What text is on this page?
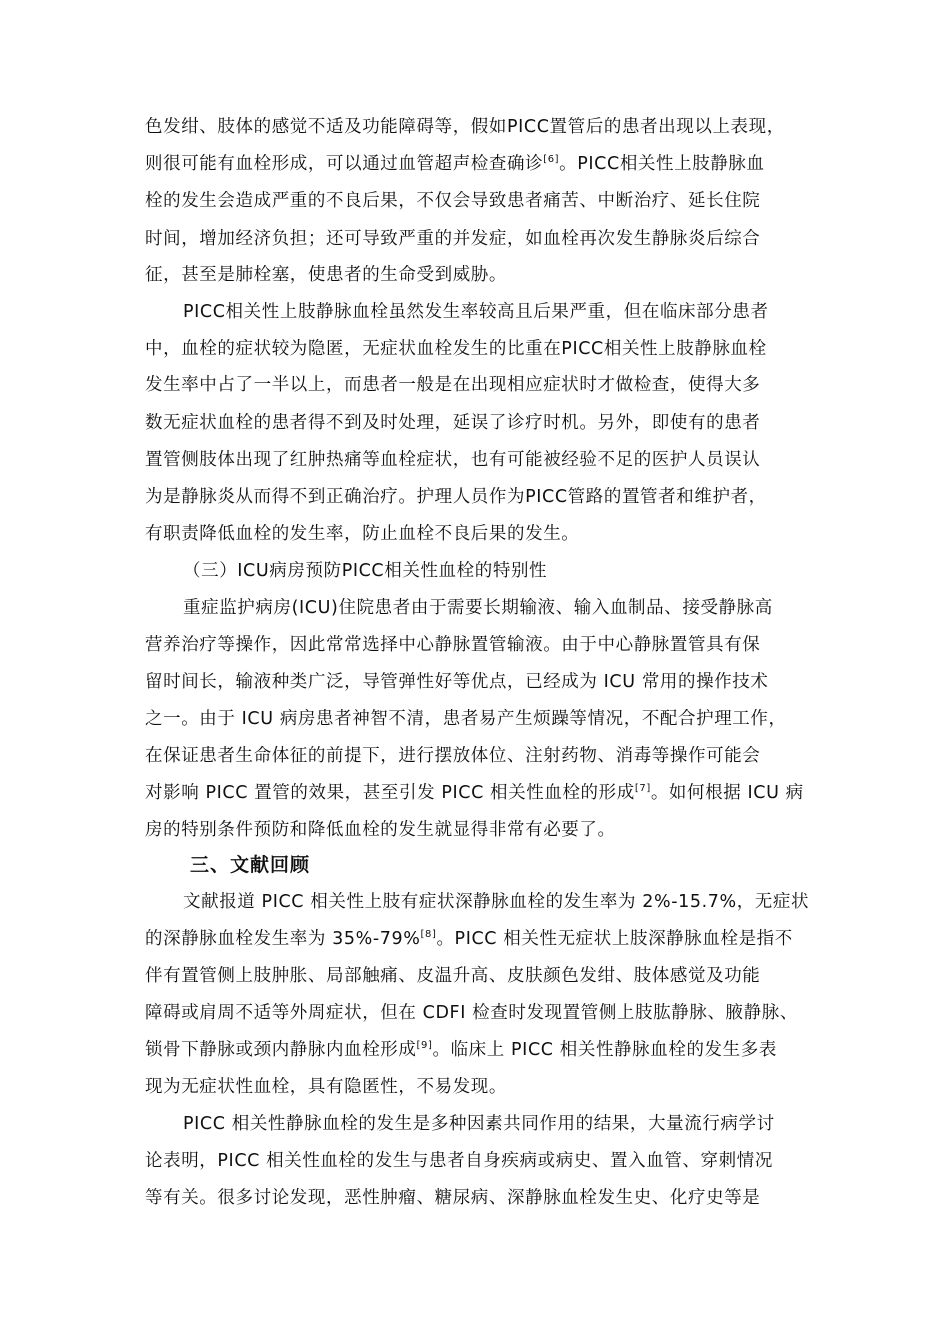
色发绀、肢体的感觉不适及功能障碍等，假如PICC置管后的患者出现以上表现，
则很可能有血栓形成，可以通过血管超声检查确诊[6]。PICC相关性上肢静脉血
栓的发生会造成严重的不良后果，不仅会导致患者痛苦、中断治疗、延长住院
时间，增加经济负担；还可导致严重的并发症，如血栓再次发生静脉炎后综合
征，甚至是肺栓塞，使患者的生命受到威胁。
PICC相关性上肢静脉血栓虽然发生率较高且后果严重，但在临床部分患者
中，血栓的症状较为隐匿，无症状血栓发生的比重在PICC相关性上肢静脉血栓
发生率中占了一半以上，而患者一般是在出现相应症状时才做检查，使得大多
数无症状血栓的患者得不到及时处理，延误了诊疗时机。另外，即使有的患者
置管侧肢体出现了红肿热痛等血栓症状，也有可能被经验不足的医护人员误认
为是静脉炎从而得不到正确治疗。护理人员作为PICC管路的置管者和维护者，
有职责降低血栓的发生率，防止血栓不良后果的发生。
（三）ICU病房预防PICC相关性血栓的特别性
重症监护病房(ICU)住院患者由于需要长期输液、输入血制品、接受静脉高
营养治疗等操作，因此常常选择中心静脉置管输液。由于中心静脉置管具有保
留时间长，输液种类广泛，导管弹性好等优点，已经成为 ICU 常用的操作技术
之一。由于 ICU 病房患者神智不清，患者易产生烦躁等情况，不配合护理工作，
在保证患者生命体征的前提下，进行摆放体位、注射药物、消毒等操作可能会
对影响 PICC 置管的效果，甚至引发 PICC 相关性血栓的形成[7]。如何根据 ICU 病
房的特别条件预防和降低血栓的发生就显得非常有必要了。
三、文献回顾
文献报道 PICC 相关性上肢有症状深静脉血栓的发生率为 2%-15.7%，无症状
的深静脉血栓发生率为 35%-79%[8]。PICC 相关性无症状上肢深静脉血栓是指不
伴有置管侧上肢肿胀、局部触痛、皮温升高、皮肤颜色发绀、肢体感觉及功能
障碍或肩周不适等外周症状，但在 CDFI 检查时发现置管侧上肢肱静脉、腋静脉、
锁骨下静脉或颈内静脉内血栓形成[9]。临床上 PICC 相关性静脉血栓的发生多表
现为无症状性血栓，具有隐匿性，不易发现。
PICC 相关性静脉血栓的发生是多种因素共同作用的结果，大量流行病学讨
论表明，PICC 相关性血栓的发生与患者自身疾病或病史、置入血管、穿刺情况
等有关。很多讨论发现，恶性肿瘤、糖尿病、深静脉血栓发生史、化疗史等是
